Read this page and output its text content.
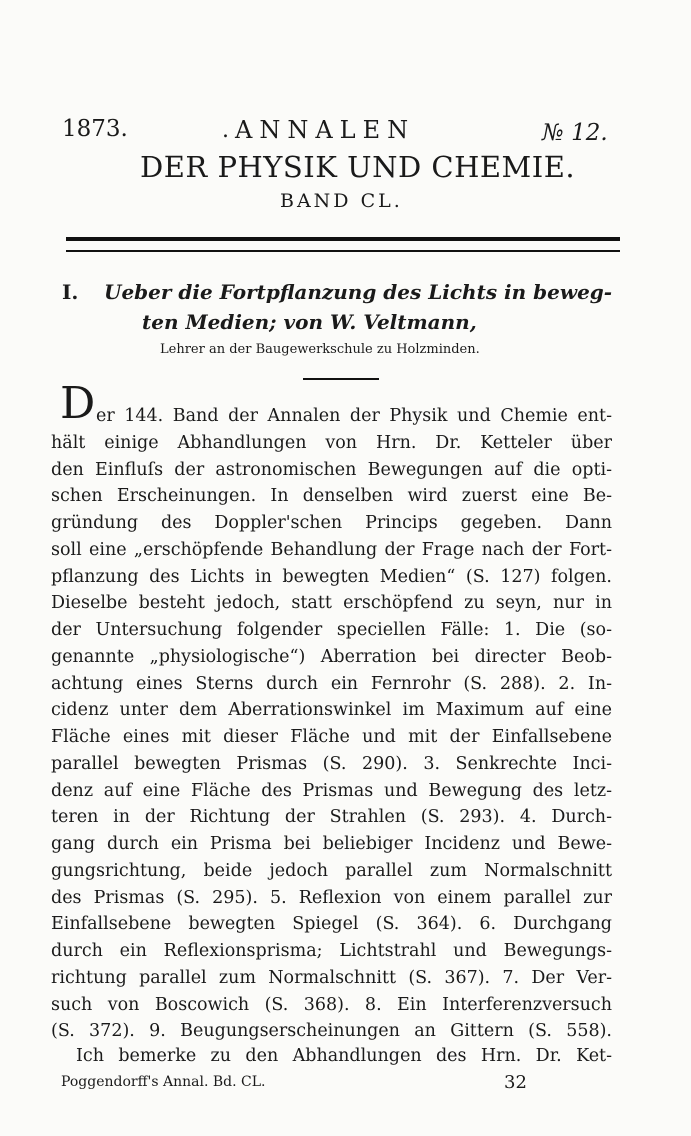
1873.	. ANNALEN	№ 12.
DER PHYSIK UND CHEMIE.
BAND CL.
I. Ueber die Fortpflanzung des Lichts in beweg-
ten Medien; von W. Veltmann,
Lehrer an der Baugewerkschule zu Holzminden.
D er 144. Band der Annalen der Physik und Chemie ent-
hält einige Abhandlungen von Hrn. Dr. Ketteler über
den Einfluſs der astronomischen Bewegungen auf die opti-
schen Erscheinungen. In denselben wird zuerst eine Be-
gründung des Doppler'schen Princips gegeben. Dann
soll eine „erschöpfende Behandlung der Frage nach der Fort-
pflanzung des Lichts in bewegten Medien“ (S. 127) folgen.
Dieselbe besteht jedoch, statt erschöpfend zu seyn, nur in
der Untersuchung folgender speciellen Fälle: 1. Die (so-
genannte „physiologische“) Aberration bei directer Beob-
achtung eines Sterns durch ein Fernrohr (S. 288). 2. In-
cidenz unter dem Aberrationswinkel im Maximum auf eine
Fläche eines mit dieser Fläche und mit der Einfallsebene
parallel bewegten Prismas (S. 290). 3. Senkrechte Inci-
denz auf eine Fläche des Prismas und Bewegung des letz-
teren in der Richtung der Strahlen (S. 293). 4. Durch-
gang durch ein Prisma bei beliebiger Incidenz und Bewe-
gungsrichtung, beide jedoch parallel zum Normalschnitt
des Prismas (S. 295). 5. Reflexion von einem parallel zur
Einfallsebene bewegten Spiegel (S. 364). 6. Durchgang
durch ein Reflexionsprisma; Lichtstrahl und Bewegungs-
richtung parallel zum Normalschnitt (S. 367). 7. Der Ver-
such von Boscowich (S. 368). 8. Ein Interferenzversuch
(S. 372). 9. Beugungserscheinungen an Gittern (S. 558).
Ich bemerke zu den Abhandlungen des Hrn. Dr. Ket-
Poggendorff's Annal. Bd. CL.	32
